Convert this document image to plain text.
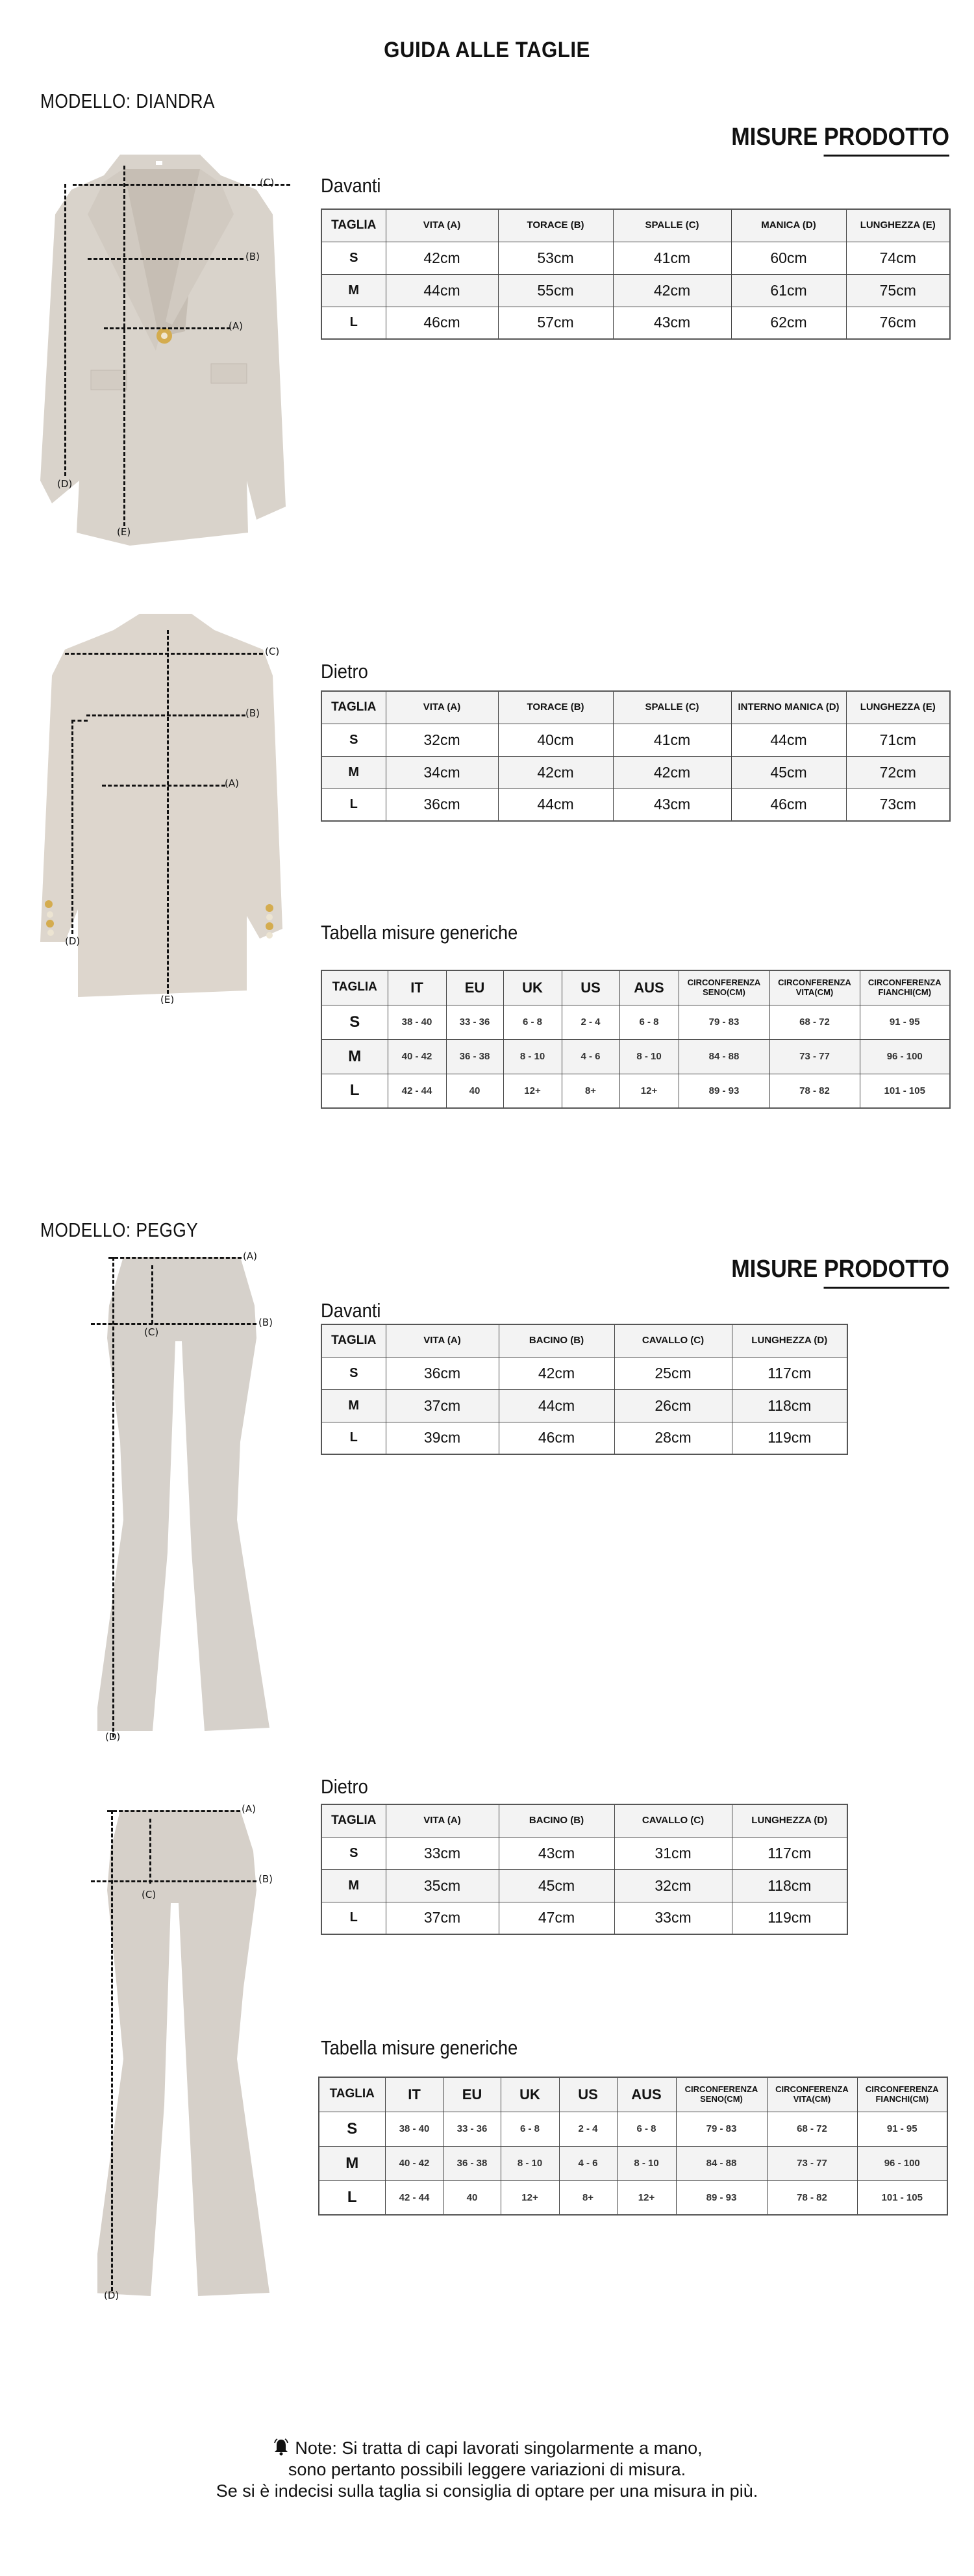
GUIDA ALLE TAGLIE
MODELLO: DIANDRA
MISURE PRODOTTO
(C)
(B)
(A)
(D)
(E)
Davanti
TAGLIA	VITA (A)	TORACE (B)	SPALLE (C)	MANICA (D)	LUNGHEZZA (E)
S	42cm	53cm	41cm	60cm	74cm
M	44cm	55cm	42cm	61cm	75cm
L	46cm	57cm	43cm	62cm	76cm
(C)
(B)
(A)
(D)
(E)
Dietro
TAGLIA	VITA (A)	TORACE (B)	SPALLE (C)	INTERNO MANICA (D)	LUNGHEZZA (E)
S	32cm	40cm	41cm	44cm	71cm
M	34cm	42cm	42cm	45cm	72cm
L	36cm	44cm	43cm	46cm	73cm
Tabella misure generiche
TAGLIA	IT	EU	UK	US	AUS	CIRCONFERENZA SENO(CM)	CIRCONFERENZA VITA(CM)	CIRCONFERENZA FIANCHI(CM)
S	38 - 40	33 - 36	6 - 8	2 - 4	6 - 8	79 - 83	68 - 72	91 - 95
M	40 - 42	36 - 38	8 - 10	4 - 6	8 - 10	84 - 88	73 - 77	96 - 100
L	42 - 44	40	12+	8+	12+	89 - 93	78 - 82	101 - 105
MODELLO: PEGGY
MISURE PRODOTTO
(A)
(B)
(C)
(D)
Davanti
TAGLIA	VITA (A)	BACINO (B)	CAVALLO (C)	LUNGHEZZA (D)
S	36cm	42cm	25cm	117cm
M	37cm	44cm	26cm	118cm
L	39cm	46cm	28cm	119cm
(A)
(B)
(C)
(D)
Dietro
TAGLIA	VITA (A)	BACINO (B)	CAVALLO (C)	LUNGHEZZA (D)
S	33cm	43cm	31cm	117cm
M	35cm	45cm	32cm	118cm
L	37cm	47cm	33cm	119cm
Tabella misure generiche
TAGLIA	IT	EU	UK	US	AUS	CIRCONFERENZA SENO(CM)	CIRCONFERENZA VITA(CM)	CIRCONFERENZA FIANCHI(CM)
S	38 - 40	33 - 36	6 - 8	2 - 4	6 - 8	79 - 83	68 - 72	91 - 95
M	40 - 42	36 - 38	8 - 10	4 - 6	8 - 10	84 - 88	73 - 77	96 - 100
L	42 - 44	40	12+	8+	12+	89 - 93	78 - 82	101 - 105
Note: Si tratta di capi lavorati singolarmente a mano,
sono pertanto possibili leggere variazioni di misura.
Se si è indecisi sulla taglia si consiglia di optare per una misura in più.
